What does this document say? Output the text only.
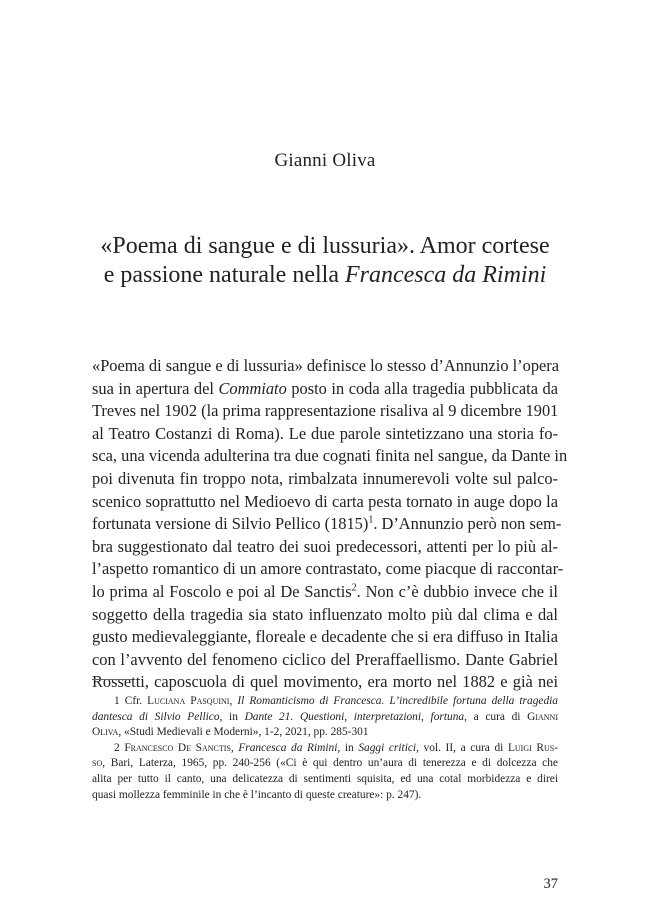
Gianni Oliva
«Poema di sangue e di lussuria». Amor cortese
e passione naturale nella Francesca da Rimini
«Poema di sangue e di lussuria» definisce lo stesso d’Annunzio l’opera
sua in apertura del Commiato posto in coda alla tragedia pubblicata da
Treves nel 1902 (la prima rappresentazione risaliva al 9 dicembre 1901
al Teatro Costanzi di Roma). Le due parole sintetizzano una storia fo-
sca, una vicenda adulterina tra due cognati finita nel sangue, da Dante in
poi divenuta fin troppo nota, rimbalzata innumerevoli volte sul palco-
scenico soprattutto nel Medioevo di carta pesta tornato in auge dopo la
fortunata versione di Silvio Pellico $(1815)^1$. D’Annunzio però non sem-
bra suggestionato dal teatro dei suoi predecessori, attenti per lo più al-
l’aspetto romantico di un amore contrastato, come piacque di raccontar-
lo prima al Foscolo e poi al De Sanctis$^2$. Non c’è dubbio invece che il
soggetto della tragedia sia stato influenzato molto più dal clima e dal
gusto medievaleggiante, floreale e decadente che si era diffuso in Italia
con l’avvento del fenomeno ciclico del Preraffaellismo. Dante Gabriel
Rossetti, caposcuola di quel movimento, era morto nel 1882 e già nei
1 Cfr. Luciana Pasquini, Il Romanticismo di Francesca. L’incredibile fortuna della tragedia
dantesca di Silvio Pellico, in Dante 21. Questioni, interpretazioni, fortuna, a cura di Gianni
Oliva, «Studi Medievali e Moderni», 1-2, 2021, pp. 285-301
2 Francesco De Sanctis, Francesca da Rimini, in Saggi critici, vol. II, a cura di Luigi Rus-
so, Bari, Laterza, 1965, pp. 240-256 («Ci è qui dentro un’aura di tenerezza e di dolcezza che
alita per tutto il canto, una delicatezza di sentimenti squisita, ed una cotal morbidezza e direi
quasi mollezza femminile in che è l’incanto di queste creature»: p. 247).
37
